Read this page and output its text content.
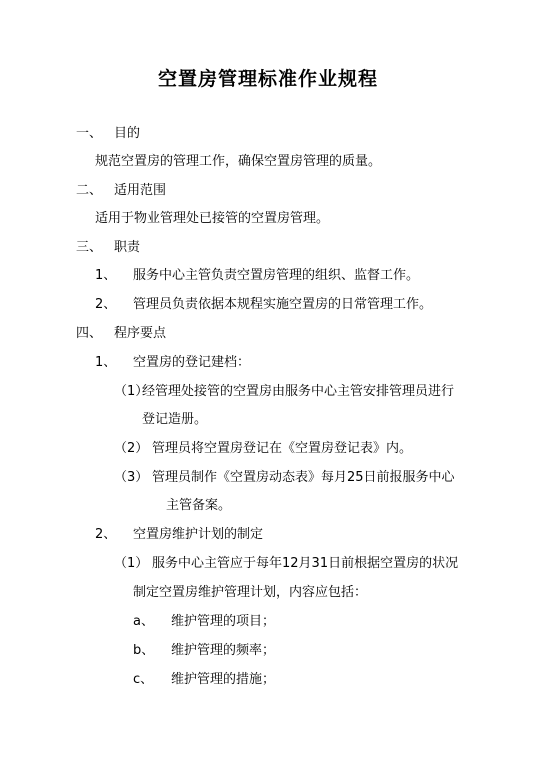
空置房管理标准作业规程
一、 目的
规范空置房的管理工作，确保空置房管理的质量。
二、 适用范围
适用于物业管理处已接管的空置房管理。
三、 职责
1、 服务中心主管负责空置房管理的组织、监督工作。
2、 管理员负责依据本规程实施空置房的日常管理工作。
四、 程序要点
1、 空置房的登记建档：
（1）
经管理处接管的空置房由服务中心主管安排管理员进行
登记造册。
（2） 管理员将空置房登记在《空置房登记表》内。
（3） 管理员制作《空置房动态表》每月25日前报服务中心
主管备案。
2、 空置房维护计划的制定
（1） 服务中心主管应于每年12月31日前根据空置房的状况
制定空置房维护管理计划，内容应包括：
a、 维护管理的项目；
b、 维护管理的频率；
c、 维护管理的措施；
